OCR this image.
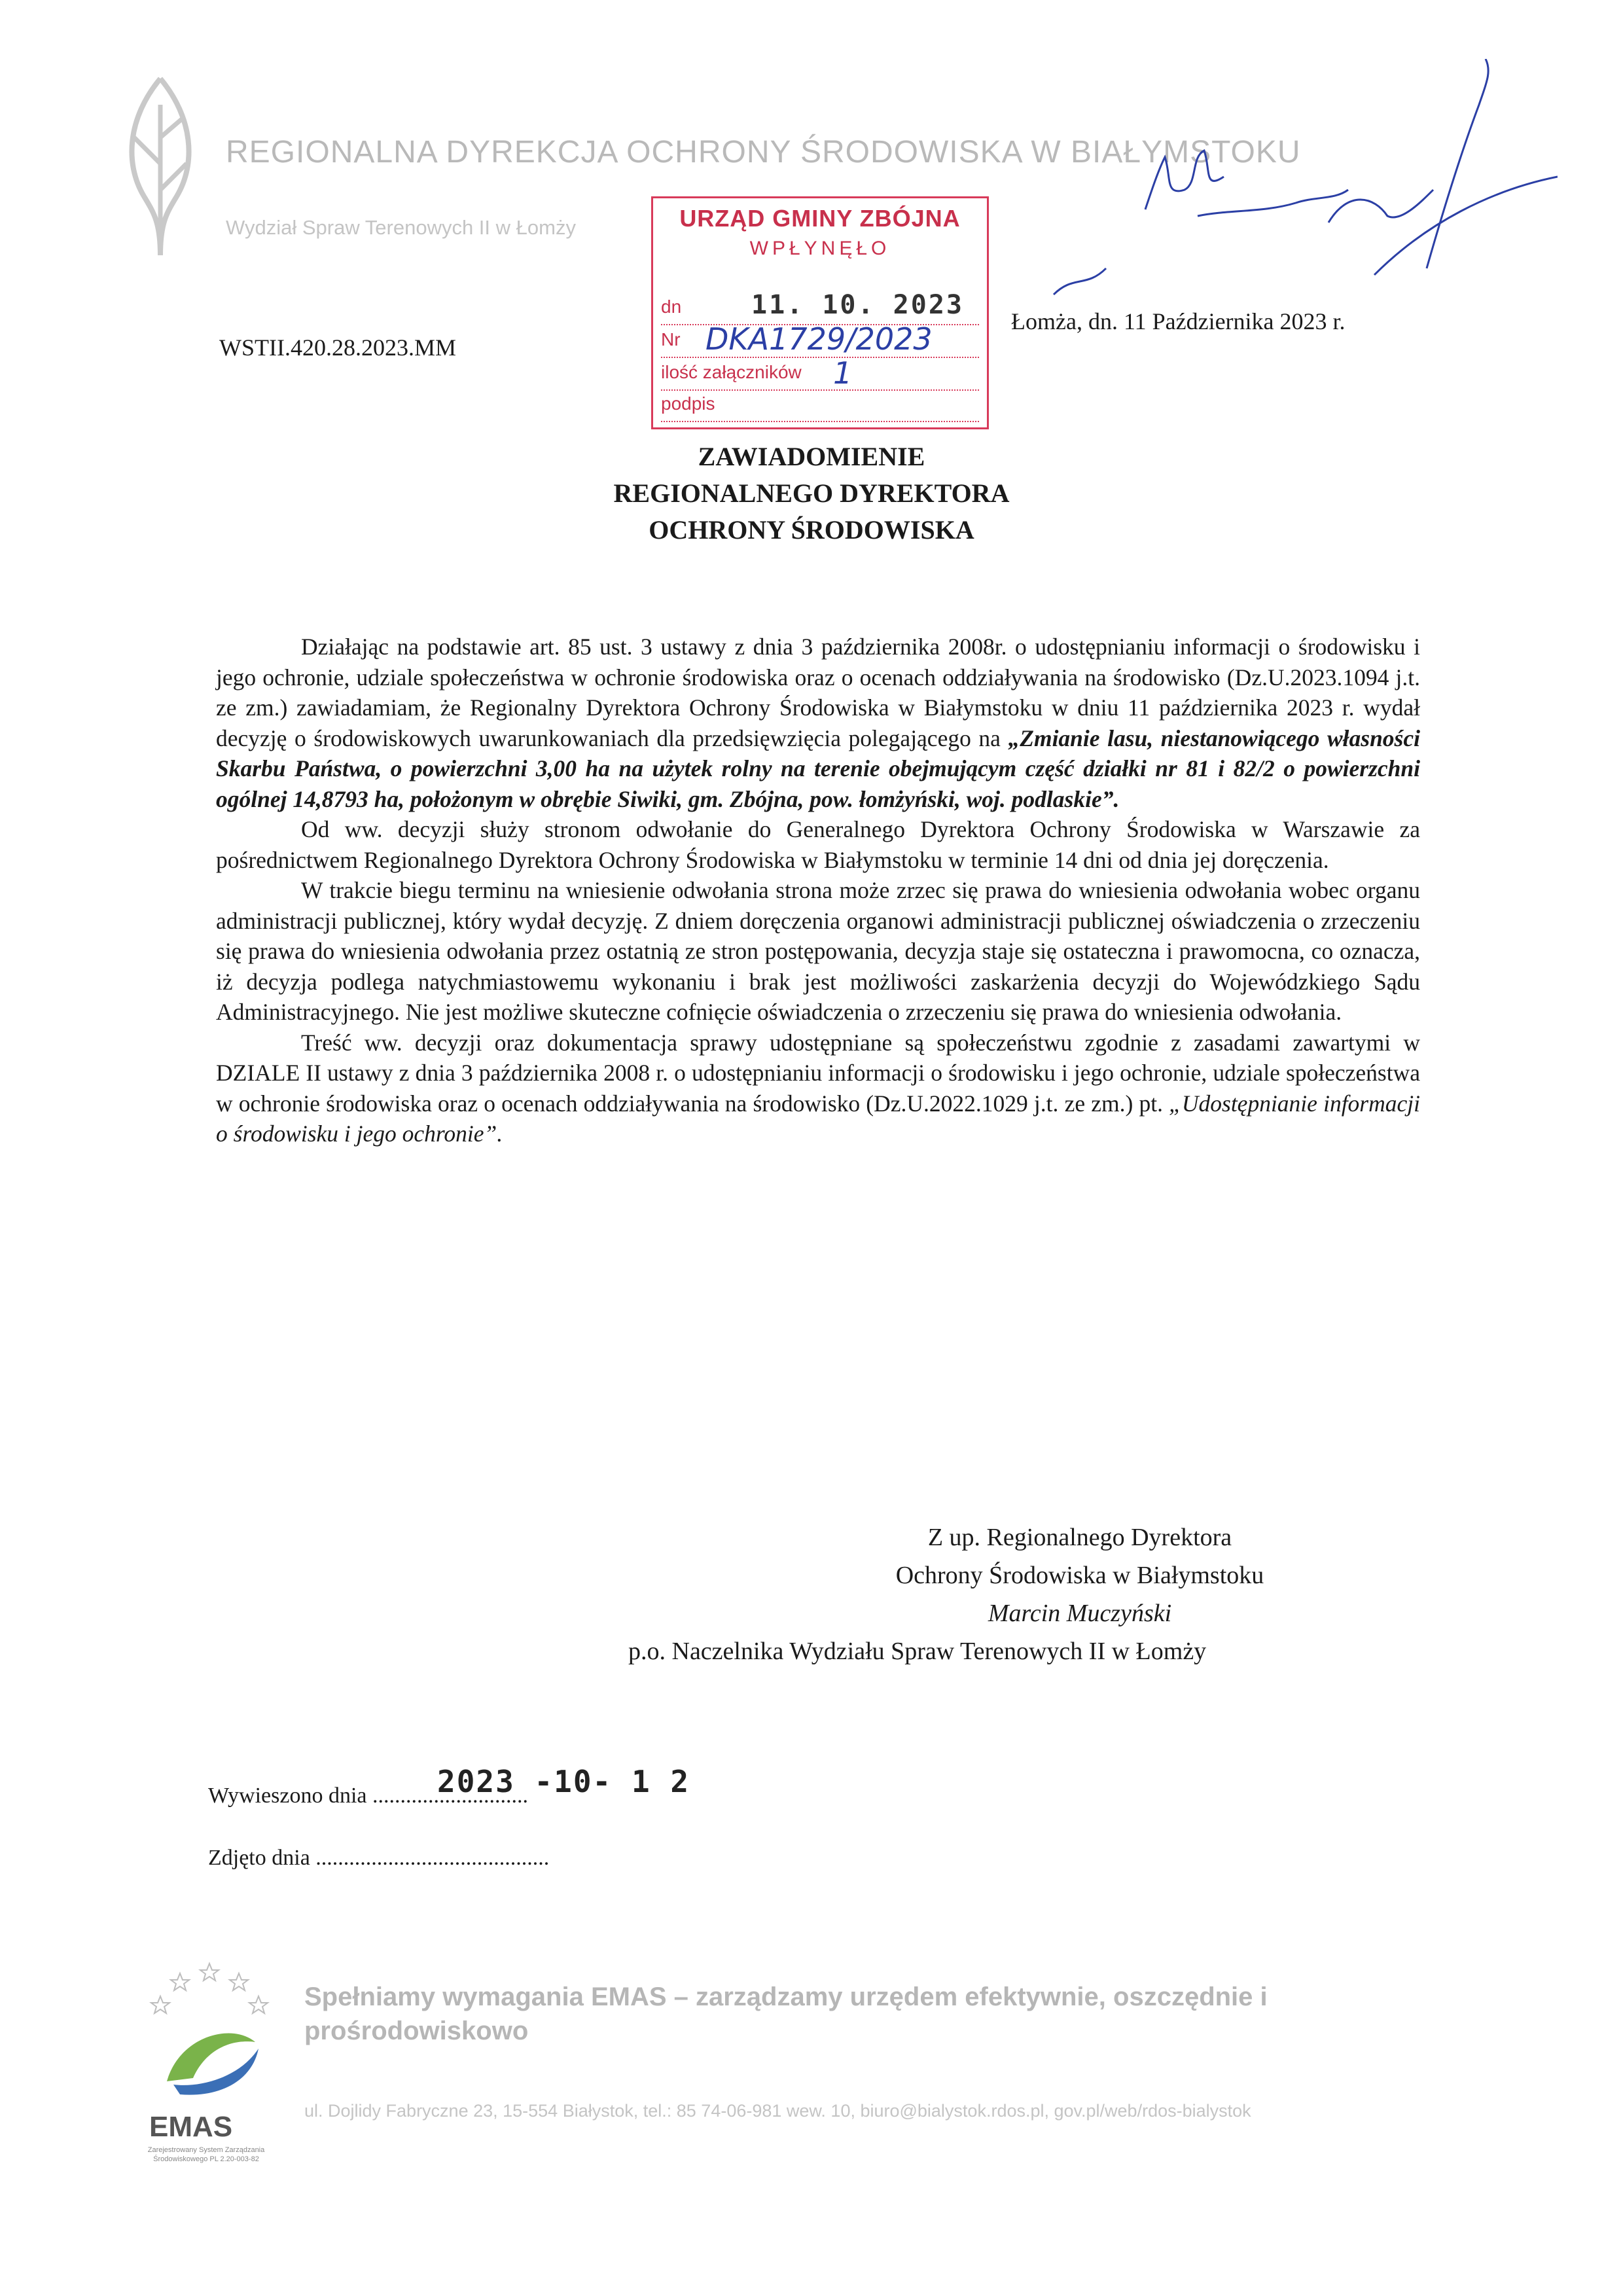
REGIONALNA DYREKCJA OCHRONY ŚRODOWISKA W BIAŁYMSTOKU
Wydział Spraw Terenowych II w Łomży	URZĄD GMINY ZBÓJNA
WPŁYNĘŁO
dn	11. 10. 2023
Nr DKA1729/2023
ilość załączników	1
podpis
WSTII.420.28.2023.MM
Łomża, dn. 11 Października 2023 r.
ZAWIADOMIENIE
REGIONALNEGO DYREKTORA
OCHRONY ŚRODOWISKA

Działając na podstawie art. 85 ust. 3 ustawy z dnia 3 października 2008r. o udostępnianiu informacji o środowisku i jego ochronie, udziale społeczeństwa w ochronie środowiska oraz o ocenach oddziaływania na środowisko (Dz.U.2023.1094 j.t. ze zm.) zawiadamiam, że Regionalny Dyrektora Ochrony Środowiska w Białymstoku w dniu 11 października 2023 r. wydał decyzję o środowiskowych uwarunkowaniach dla przedsięwzięcia polegającego na „Zmianie lasu, niestanowiącego własności Skarbu Państwa, o powierzchni 3,00 ha na użytek rolny na terenie obejmującym część działki nr 81 i 82/2 o powierzchni ogólnej 14,8793 ha, położonym w obrębie Siwiki, gm. Zbójna, pow. łomżyński, woj. podlaskie”.

Od ww. decyzji służy stronom odwołanie do Generalnego Dyrektora Ochrony Środowiska w Warszawie za pośrednictwem Regionalnego Dyrektora Ochrony Środowiska w Białymstoku w terminie 14 dni od dnia jej doręczenia.

W trakcie biegu terminu na wniesienie odwołania strona może zrzec się prawa do wniesienia odwołania wobec organu administracji publicznej, który wydał decyzję. Z dniem doręczenia organowi administracji publicznej oświadczenia o zrzeczeniu się prawa do wniesienia odwołania przez ostatnią ze stron postępowania, decyzja staje się ostateczna i prawomocna, co oznacza, iż decyzja podlega natychmiastowemu wykonaniu i brak jest możliwości zaskarżenia decyzji do Wojewódzkiego Sądu Administracyjnego. Nie jest możliwe skuteczne cofnięcie oświadczenia o zrzeczeniu się prawa do wniesienia odwołania.

Treść ww. decyzji oraz dokumentacja sprawy udostępniane są społeczeństwu zgodnie z zasadami zawartymi w DZIALE II ustawy z dnia 3 października 2008 r. o udostępnianiu informacji o środowisku i jego ochronie, udziale społeczeństwa w ochronie środowiska oraz o ocenach oddziaływania na środowisko (Dz.U.2022.1029 j.t. ze zm.) pt. „Udostępnianie informacji o środowisku i jego ochronie”.

Z up. Regionalnego Dyrektora
Ochrony Środowiska w Białymstoku
Marcin Muczyński
p.o. Naczelnika Wydziału Spraw Terenowych II w Łomży
Wywieszono dnia ............................
2023 -10- 1 2
Zdjęto dnia ..........................................
EMAS
Zarejestrowany System Zarządzania Środowiskowego PL 2.20-003-82
Spełniamy wymagania EMAS – zarządzamy urzędem efektywnie, oszczędnie i prośrodowiskowo
ul. Dojlidy Fabryczne 23, 15-554 Białystok, tel.: 85 74-06-981 wew. 10, biuro@bialystok.rdos.pl, gov.pl/web/rdos-bialystok
